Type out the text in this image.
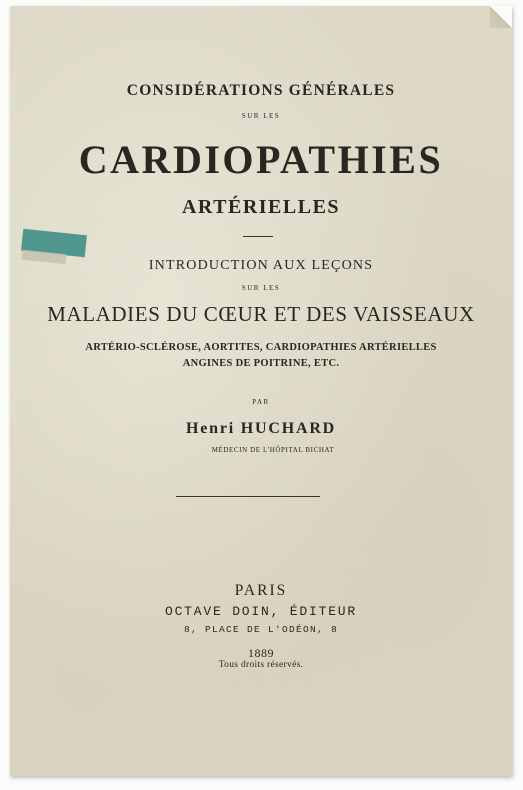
CONSIDÉRATIONS GÉNÉRALES
SUR LES
CARDIOPATHIES
ARTÉRIELLES
INTRODUCTION AUX LEÇONS
SUR LES
MALADIES DU CŒUR ET DES VAISSEAUX
ARTÉRIO-SCLÉROSE, AORTITES, CARDIOPATHIES ARTÉRIELLES
ANGINES DE POITRINE, ETC.
PAR
Henri HUCHARD
MÉDECIN DE L'HÔPITAL BICHAT
PARIS
OCTAVE DOIN, ÉDITEUR
8, PLACE DE L'ODÉON, 8
1889
Tous droits réservés.
